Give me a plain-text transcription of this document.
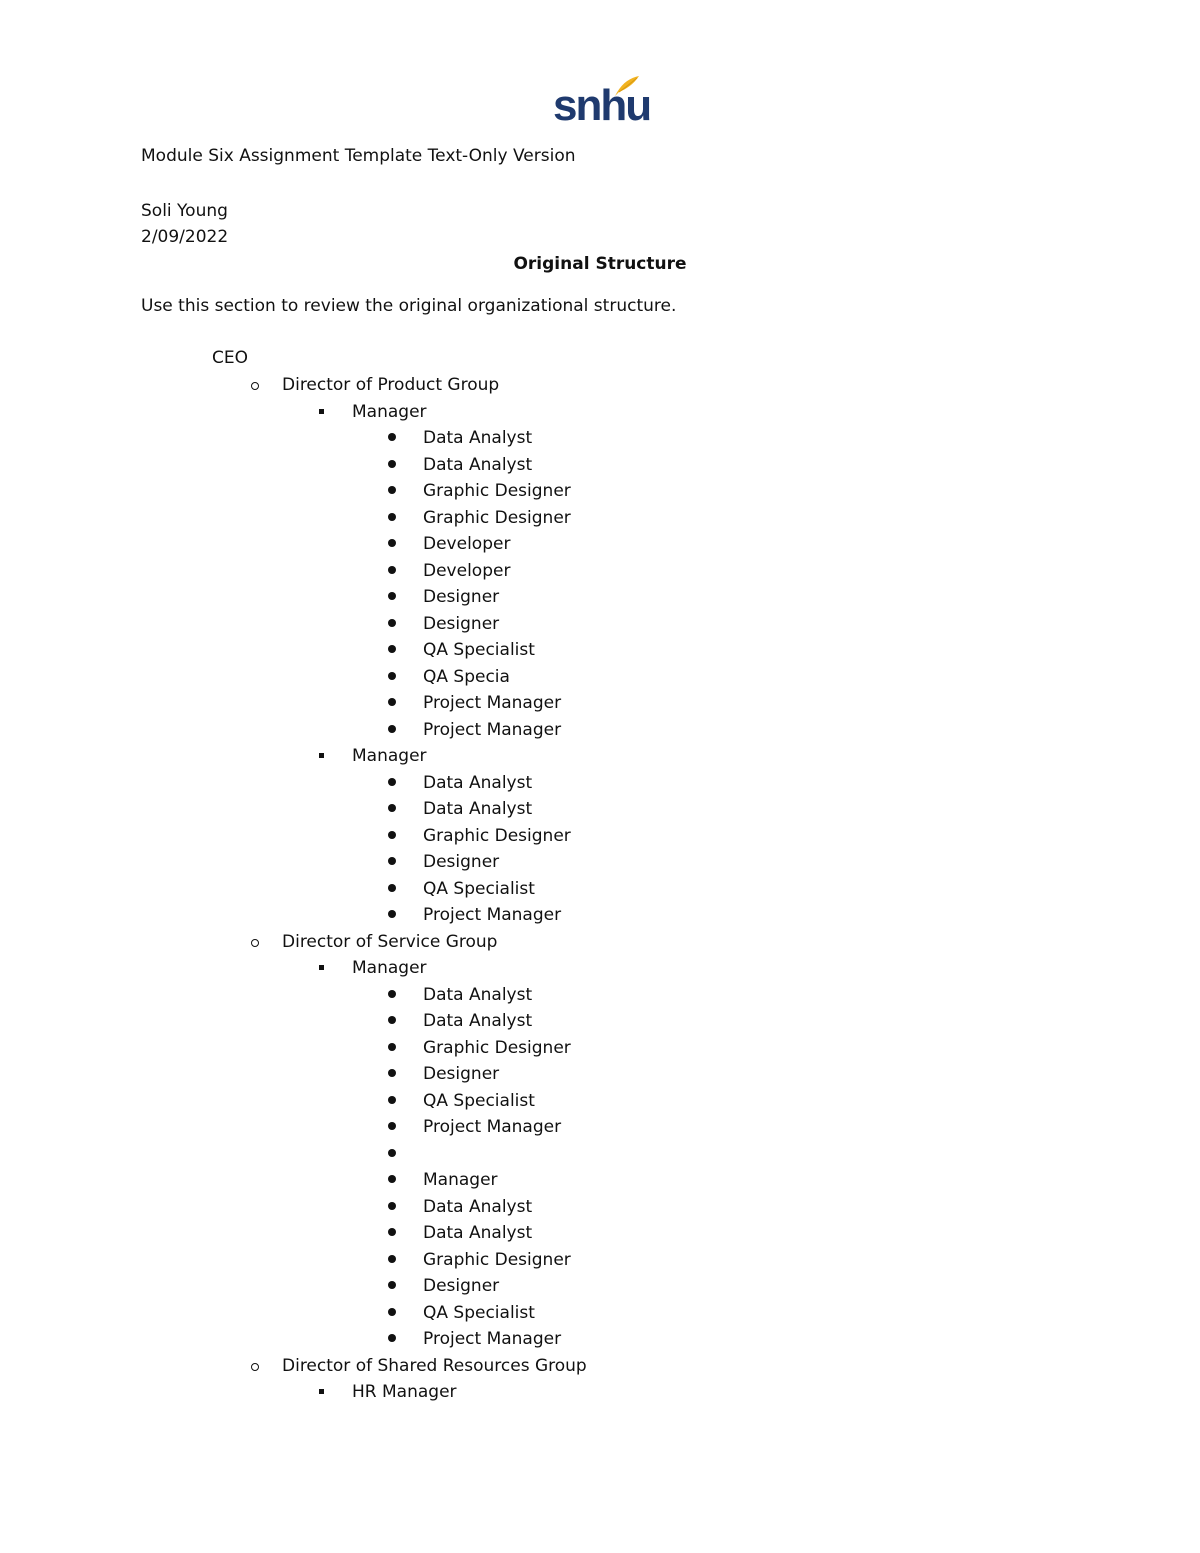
snhu
Module Six Assignment Template Text-Only Version
Soli Young
2/09/2022
Original Structure
Use this section to review the original organizational structure.
CEO
Director of Product Group
Manager
Data Analyst
Data Analyst
Graphic Designer
Graphic Designer
Developer
Developer
Designer
Designer
QA Specialist
QA Specia
Project Manager
Project Manager
Manager
Data Analyst
Data Analyst
Graphic Designer
Designer
QA Specialist
Project Manager
Director of Service Group
Manager
Data Analyst
Data Analyst
Graphic Designer
Designer
QA Specialist
Project Manager
Manager
Data Analyst
Data Analyst
Graphic Designer
Designer
QA Specialist
Project Manager
Director of Shared Resources Group
HR Manager
